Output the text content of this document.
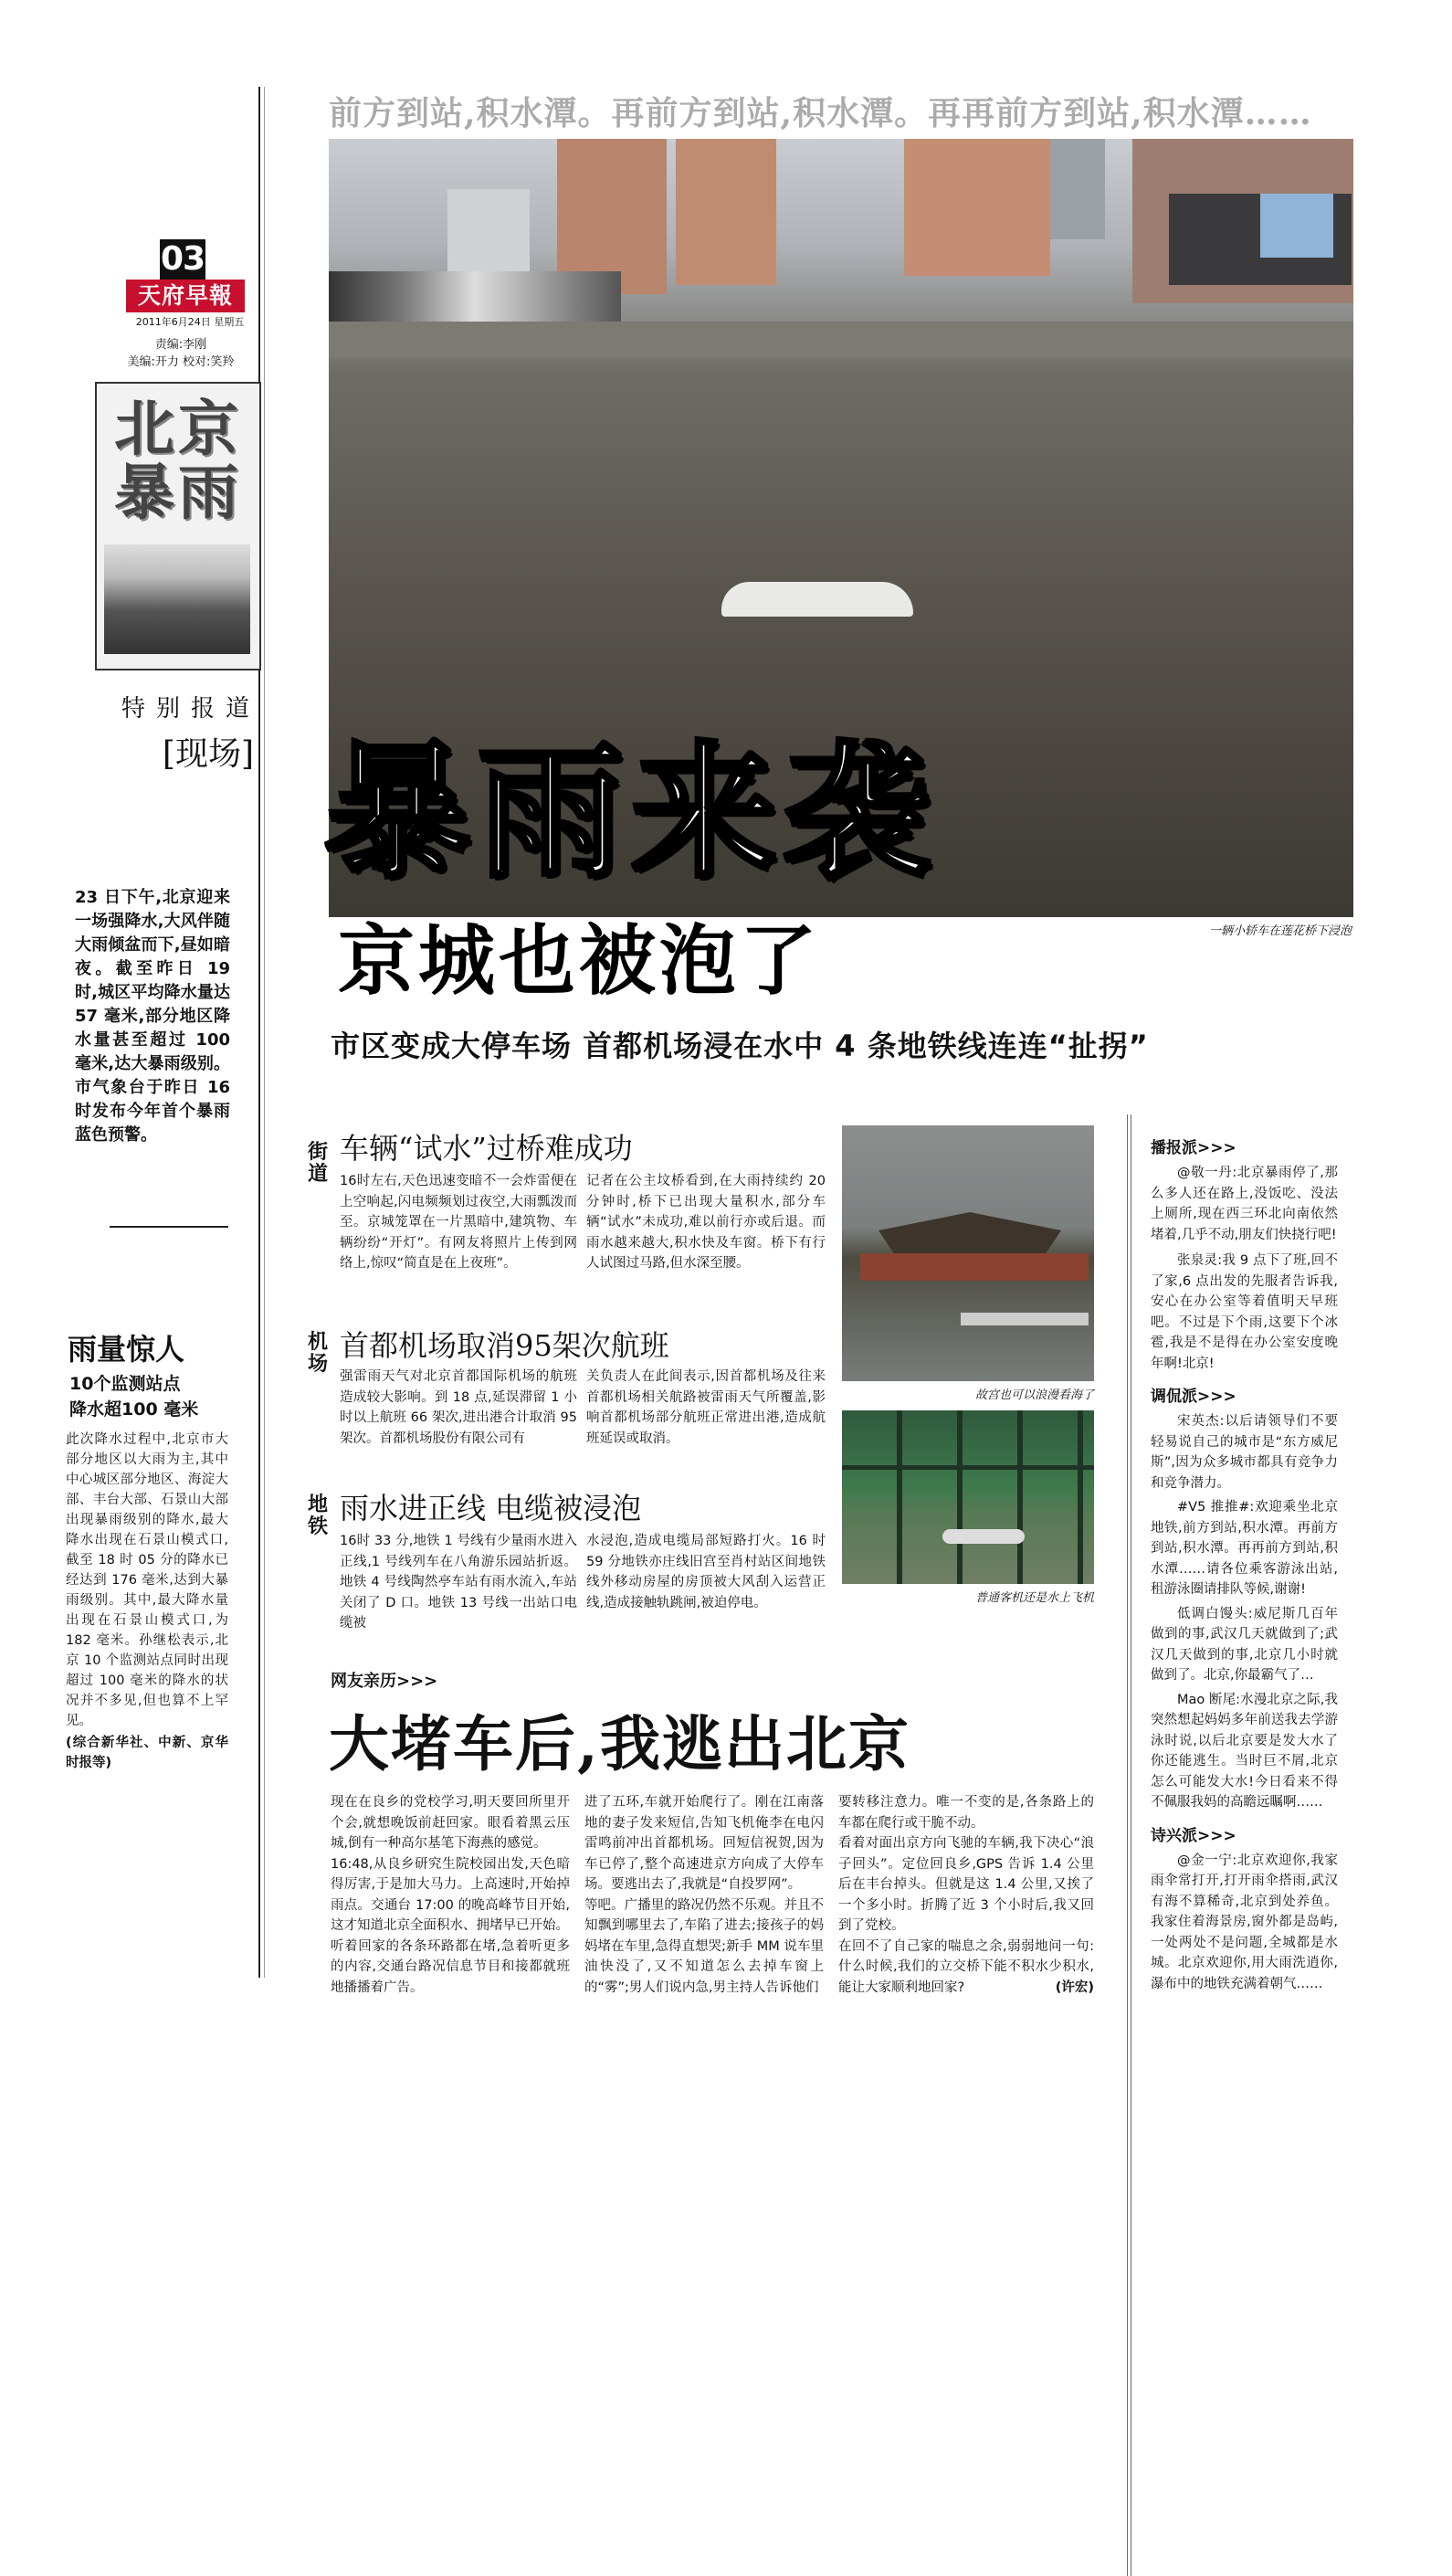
03
天府早報
2011年6月24日 星期五
责编:李刚
美编:开力 校对:笑羚
北京
暴雨
特别报道
[现场]
23 日下午,北京迎来一场强降水,大风伴随大雨倾盆而下,昼如暗夜。截至昨日 19 时,城区平均降水量达 57 毫米,部分地区降水量甚至超过 100 毫米,达大暴雨级别。市气象台于昨日 16 时发布今年首个暴雨蓝色预警。
雨量惊人
10个监测站点
降水超100 毫米
此次降水过程中,北京市大部分地区以大雨为主,其中中心城区部分地区、海淀大部、丰台大部、石景山大部出现暴雨级别的降水,最大降水出现在石景山模式口,截至 18 时 05 分的降水已经达到 176 毫米,达到大暴雨级别。其中,最大降水量出现在石景山模式口,为 182 毫米。孙继松表示,北京 10 个监测站点同时出现超过 100 毫米的降水的状况并不多见,但也算不上罕见。
(综合新华社、中新、京华时报等)
前方到站,积水潭。再前方到站,积水潭。再再前方到站,积水潭……
一辆小轿车在莲花桥下浸泡
暴雨来袭
京城也被泡了
市区变成大停车场 首都机场浸在水中 4 条地铁线连连“扯拐”
街道
车辆“试水”过桥难成功
16时左右,天色迅速变暗不一会炸雷便在上空响起,闪电频频划过夜空,大雨瓢泼而至。京城笼罩在一片黑暗中,建筑物、车辆纷纷“开灯”。有网友将照片上传到网络上,惊叹“简直是在上夜班”。
记者在公主坟桥看到,在大雨持续约 20 分钟时,桥下已出现大量积水,部分车辆“试水”未成功,难以前行亦或后退。而雨水越来越大,积水快及车窗。桥下有行人试图过马路,但水深至腰。
机场
首都机场取消95架次航班
强雷雨天气对北京首都国际机场的航班造成较大影响。到 18 点,延误滞留 1 小时以上航班 66 架次,进出港合计取消 95 架次。首都机场股份有限公司有
关负责人在此间表示,因首都机场及往来首都机场相关航路被雷雨天气所覆盖,影响首都机场部分航班正常进出港,造成航班延误或取消。
地铁
雨水进正线 电缆被浸泡
16时 33 分,地铁 1 号线有少量雨水进入正线,1 号线列车在八角游乐园站折返。地铁 4 号线陶然亭车站有雨水流入,车站关闭了 D 口。地铁 13 号线一出站口电缆被
水浸泡,造成电缆局部短路打火。16 时 59 分地铁亦庄线旧宫至肖村站区间地铁线外移动房屋的房顶被大风刮入运营正线,造成接触轨跳闸,被迫停电。
故宫也可以浪漫看海了
普通客机还是水上飞机
播报派>>>
@敬一丹:北京暴雨停了,那么多人还在路上,没饭吃、没法上厕所,现在西三环北向南依然堵着,几乎不动,朋友们快挠行吧!
张泉灵:我 9 点下了班,回不了家,6 点出发的先服者告诉我,安心在办公室等着值明天早班吧。不过是下个雨,这要下个冰雹,我是不是得在办公室安度晚年啊!北京!
调侃派>>>
宋英杰:以后请领导们不要轻易说自己的城市是“东方威尼斯”,因为众多城市都具有竞争力和竞争潜力。
#V5 推推#:欢迎乘坐北京地铁,前方到站,积水潭。再前方到站,积水潭。再再前方到站,积水潭……请各位乘客游泳出站,租游泳圈请排队等候,谢谢!
低调白馒头:威尼斯几百年做到的事,武汉几天就做到了;武汉几天做到的事,北京几小时就做到了。北京,你最霸气了…
Mao 断尾:水漫北京之际,我突然想起妈妈多年前送我去学游泳时说,以后北京要是发大水了你还能逃生。当时巨不屑,北京怎么可能发大水!今日看来不得不佩服我妈的高瞻远瞩啊……
诗兴派>>>
@金一宁:北京欢迎你,我家雨伞常打开,打开雨伞搭雨,武汉有海不算稀奇,北京到处养鱼。我家住着海景房,窗外都是岛屿,一处两处不是问题,全城都是水城。北京欢迎你,用大雨洗逍你,瀑布中的地铁充满着朝气……
网友亲历>>>
大堵车后,我逃出北京
现在在良乡的党校学习,明天要回所里开个会,就想晚饭前赶回家。眼看着黑云压城,倒有一种高尔基笔下海燕的感觉。
16:48,从良乡研究生院校园出发,天色暗得厉害,于是加大马力。上高速时,开始掉雨点。交通台 17:00 的晚高峰节目开始,这才知道北京全面积水、拥堵早已开始。
听着回家的各条环路都在堵,急着听更多的内容,交通台路况信息节目和接都就班地播播着广告。
进了五环,车就开始爬行了。刚在江南落地的妻子发来短信,告知飞机俺李在电闪雷鸣前冲出首都机场。回短信祝贺,因为车已停了,整个高速进京方向成了大停车场。要逃出去了,我就是“自投罗网”。
等吧。广播里的路况仍然不乐观。并且不知飘到哪里去了,车陷了进去;接孩子的妈妈堵在车里,急得直想哭;新手 MM 说车里油快没了,又不知道怎么去掉车窗上的“雾”;男人们说内急,男主持人告诉他们
要转移注意力。唯一不变的是,各条路上的车都在爬行或干脆不动。
看着对面出京方向飞驰的车辆,我下决心“浪子回头”。定位回良乡,GPS 告诉 1.4 公里后在丰台掉头。但就是这 1.4 公里,又挨了一个多小时。折腾了近 3 个小时后,我又回到了党校。
在回不了自己家的喘息之余,弱弱地问一句:什么时候,我们的立交桥下能不积水少积水,能让大家顺利地回家?	(许宏)
